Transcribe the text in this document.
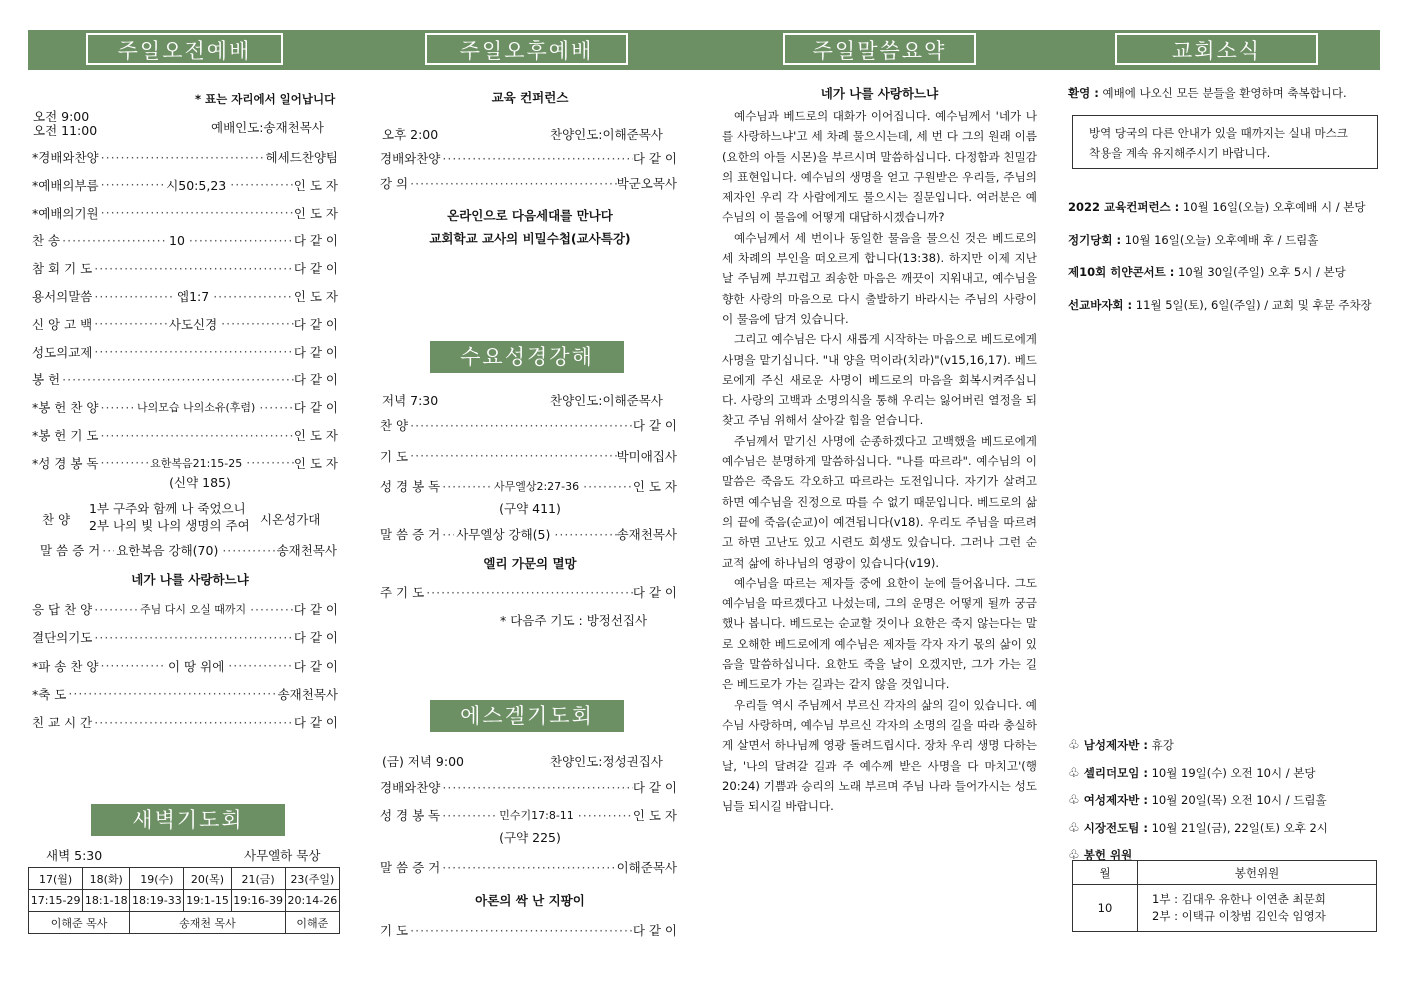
주일오전예배	주일오후예배	주일말씀요약	교회소식
* 표는 자리에서 일어납니다
오전 9:00
오전 11:00	예배인도:송재천목사
*경배와찬양 ·····	헤세드찬양팀
*예배의부름 ·····	시50:5,23 ·····	인 도 자
*예배의기원 ·····	인 도 자
찬 송 ·····	10 ·····	다 같 이
참 회 기 도 ·····	다 같 이
용서의말씀 ·····	엡1:7 ·····	인 도 자
신 앙 고 백 ·····	사도신경 ·····	다 같 이
성도의교제 ·····	다 같 이
봉 헌 ·····	다 같 이
*봉 헌 찬 양 ·····	나의모습 나의소유(후렴) ·····	다 같 이
*봉 헌 기 도 ·····	인 도 자
*성 경 봉 독 ·····	요한복음21:15-25 ·····	인 도 자
(신약 185)
찬 양
1부 구주와 함께 나 죽었으니
2부 나의 빛 나의 생명의 주여 시온성가대
말 씀 증 거 ····· 요한복음 강해(70) ·····	송재천목사
네가 나를 사랑하느냐
응 답 찬 양 ·····	주님 다시 오실 때까지 ·····	다 같 이
결단의기도 ·····	다 같 이
*파 송 찬 양 ·····	이 땅 위에 ·····	다 같 이
*축 도 ·····	송재천목사
친 교 시 간 ·····	다 같 이
새벽기도회
새벽 5:30	사무엘하 묵상
17(월)	18(화)	19(수)	20(목)	21(금)	23(주일)
17:15-29	18:1-18	18:19-33	19:1-15	19:16-39	20:14-26
이해준 목사		송재천 목사			이해준
교육 컨퍼런스
오후 2:00	찬양인도:이해준목사
경배와찬양 ·····	다 같 이
강 의 ·····	박군오목사
온라인으로 다음세대를 만나다
교회학교 교사의 비밀수첩(교사특강)
수요성경강해
저녁 7:30	찬양인도:이해준목사
찬 양 ·····	다 같 이
기 도 ·····	박미애집사
성 경 봉 독 ·····	사무엘상2:27-36 ·····	인 도 자
(구약 411)
말 씀 증 거 ····· 사무엘상 강해(5) ·····	송재천목사
엘리 가문의 멸망
주 기 도 ·····	다 같 이
* 다음주 기도 : 방정선집사
에스겔기도회
(금) 저녁 9:00	찬양인도:정성권집사
경배와찬양 ·····	다 같 이
성 경 봉 독 ·····	민수기17:8-11 ·····	인 도 자
(구약 225)
말 씀 증 거 ·····	이해준목사
아론의 싹 난 지팡이
기 도 ·····	다 같 이
네가 나를 사랑하느냐

예수님과 베드로의 대화가 이어집니다. 예수님께서 '네가 나를 사랑하느냐'고 세 차례 물으시는데, 세 번 다 그의 원래 이름(요한의 아들 시몬)을 부르시며 말씀하십니다. 다정함과 친밀감의 표현입니다. 예수님의 생명을 얻고 구원받은 우리들, 주님의 제자인 우리 각 사람에게도 물으시는 질문입니다. 여러분은 예수님의 이 물음에 어떻게 대답하시겠습니까?

예수님께서 세 번이나 동일한 물음을 물으신 것은 베드로의 세 차례의 부인을 떠오르게 합니다(13:38). 하지만 이제 지난날 주님께 부끄럽고 죄송한 마음은 깨끗이 지워내고, 예수님을 향한 사랑의 마음으로 다시 출발하기 바라시는 주님의 사랑이 이 물음에 담겨 있습니다.

그리고 예수님은 다시 새롭게 시작하는 마음으로 베드로에게 사명을 맡기십니다. "내 양을 먹이라(치라)"(v15,16,17). 베드로에게 주신 새로운 사명이 베드로의 마음을 회복시켜주십니다. 사랑의 고백과 소명의식을 통해 우리는 잃어버린 열정을 되찾고 주님 위해서 살아갈 힘을 얻습니다.

주님께서 맡기신 사명에 순종하겠다고 고백했을 베드로에게 예수님은 분명하게 말씀하십니다. "나를 따르라". 예수님의 이 말씀은 죽음도 각오하고 따르라는 도전입니다. 자기가 살려고 하면 예수님을 진정으로 따를 수 없기 때문입니다. 베드로의 삶의 끝에 죽음(순교)이 예견됩니다(v18). 우리도 주님을 따르려고 하면 고난도 있고 시련도 희생도 있습니다. 그러나 그런 순교적 삶에 하나님의 영광이 있습니다(v19).

예수님을 따르는 제자들 중에 요한이 눈에 들어옵니다. 그도 예수님을 따르겠다고 나섰는데, 그의 운명은 어떻게 될까 궁금했나 봅니다. 베드로는 순교할 것이나 요한은 죽지 않는다는 말로 오해한 베드로에게 예수님은 제자들 각자 자기 몫의 삶이 있음을 말씀하십니다. 요한도 죽을 날이 오겠지만, 그가 가는 길은 베드로가 가는 길과는 같지 않을 것입니다.

우리들 역시 주님께서 부르신 각자의 삶의 길이 있습니다. 예수님 사랑하며, 예수님 부르신 각자의 소명의 길을 따라 충실하게 살면서 하나님께 영광 돌려드립시다. 장차 우리 생명 다하는 날, '나의 달려갈 길과 주 예수께 받은 사명을 다 마치고'(행20:24) 기쁨과 승리의 노래 부르며 주님 나라 들어가시는 성도님들 되시길 바랍니다.

환영 : 예배에 나오신 모든 분들을 환영하며 축복합니다.
방역 당국의 다른 안내가 있을 때까지는 실내 마스크 착용을 계속 유지해주시기 바랍니다.
2022 교육컨퍼런스 : 10월 16일(오늘) 오후예배 시 / 본당
정기당회 : 10월 16일(오늘) 오후예배 후 / 드림홀
제10회 히얀콘서트 : 10월 30일(주일) 오후 5시 / 본당
선교바자회 : 11월 5일(토), 6일(주일) / 교회 및 후문 주차장
♧ 남성제자반 : 휴강
♧ 셀리더모임 : 10월 19일(수) 오전 10시 / 본당
♧ 여성제자반 : 10월 20일(목) 오전 10시 / 드림홀
♧ 시장전도팀 : 10월 21일(금), 22일(토) 오후 2시
♧ 봉헌 위원
월	봉헌위원
10	1부 : 김대우 유한나 이연춘 최문희
2부 : 이택규 이창범 김인숙 임영자
